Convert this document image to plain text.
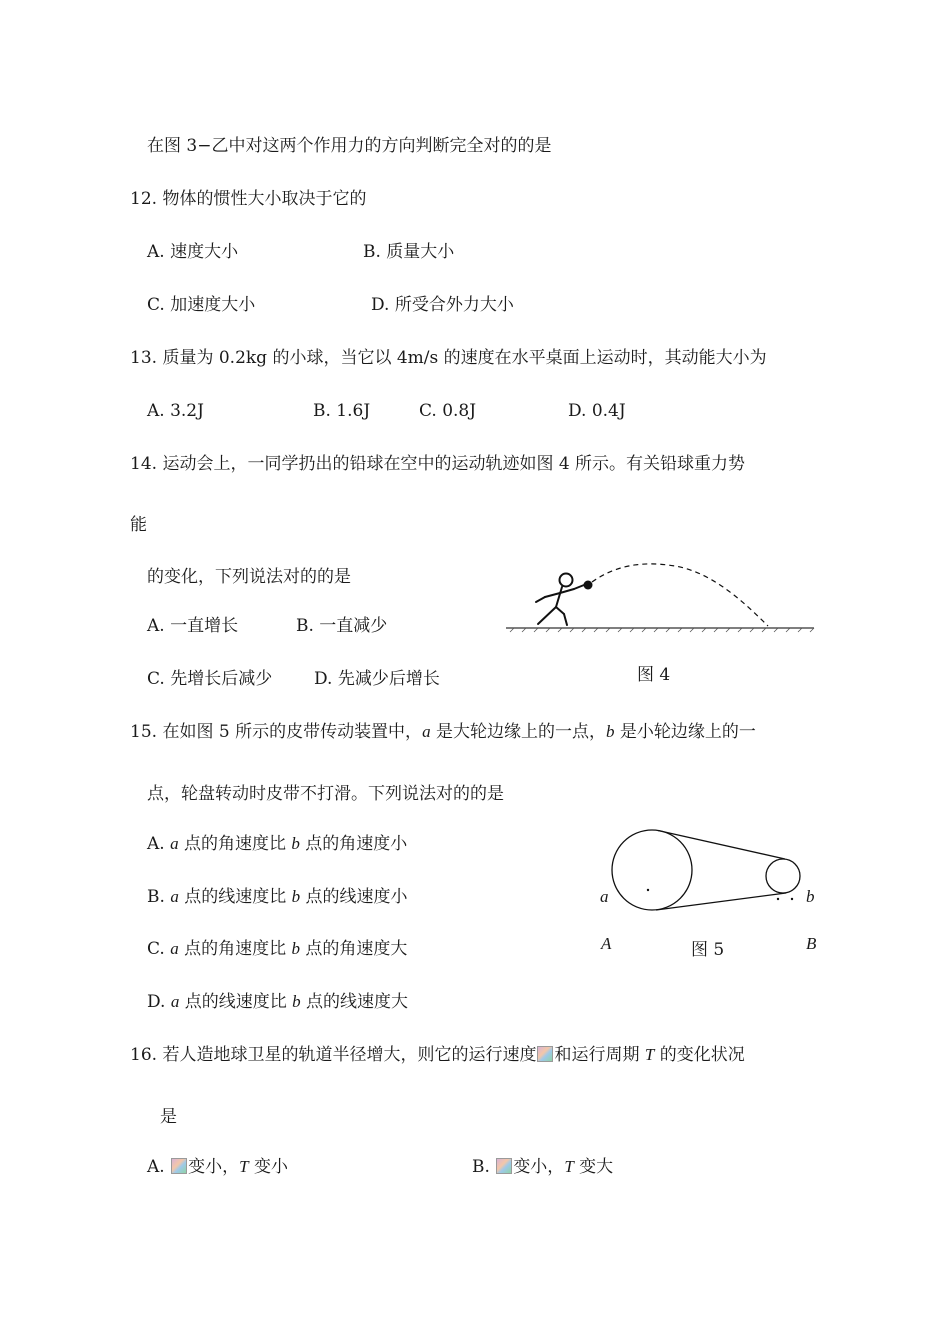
在图 3−乙中对这两个作用力的方向判断完全对的的是
12. 物体的惯性大小取决于它的
A. 速度大小	B. 质量大小
C. 加速度大小	D. 所受合外力大小
13. 质量为 0.2kg 的小球，当它以 4m/s 的速度在水平桌面上运动时，其动能大小为
A. 3.2J	B. 1.6J	C. 0.8J	D. 0.4J
14. 运动会上，一同学扔出的铅球在空中的运动轨迹如图 4 所示。有关铅球重力势
能
的变化，下列说法对的的是
A. 一直增长	B. 一直减少
C. 先增长后减少 D. 先减少后增长	图 4
15. 在如图 5 所示的皮带传动装置中，a 是大轮边缘上的一点，b 是小轮边缘上的一
点，轮盘转动时皮带不打滑。下列说法对的的是
A. a 点的角速度比 b 点的角速度小
B. a 点的线速度比 b 点的线速度小
C. a 点的角速度比 b 点的角速度大
D. a 点的线速度比 b 点的线速度大
a	b
A	B
图 5
16. 若人造地球卫星的轨道半径增大，则它的运行速度 和运行周期 T 的变化状况
是
A. 变小，T 变小	B. 变小，T 变大
